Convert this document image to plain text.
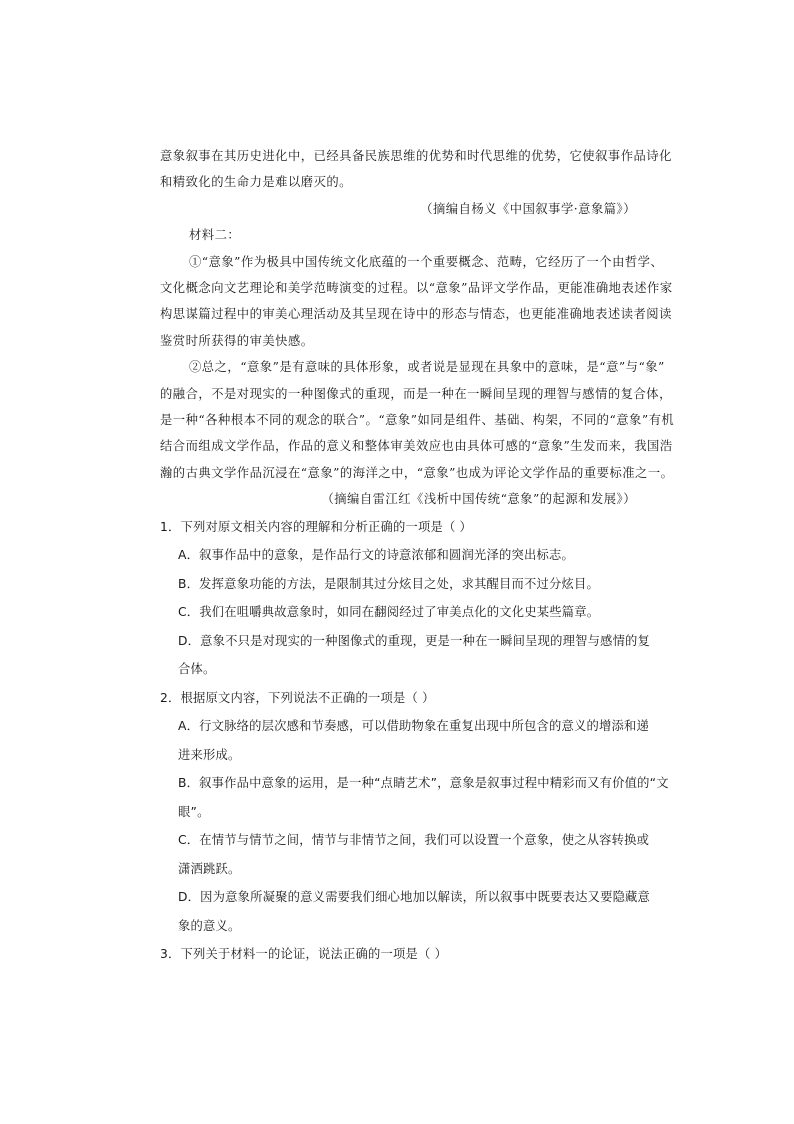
意象叙事在其历史进化中，已经具备民族思维的优势和时代思维的优势，它使叙事作品诗化
和精致化的生命力是难以磨灭的。
（摘编自杨义《中国叙事学·意象篇》）
材料二：
①“意象”作为极具中国传统文化底蕴的一个重要概念、范畴，它经历了一个由哲学、
文化概念向文艺理论和美学范畴演变的过程。以“意象”品评文学作品，更能准确地表述作家
构思谋篇过程中的审美心理活动及其呈现在诗中的形态与情态，也更能准确地表述读者阅读
鉴赏时所获得的审美快感。
②总之，“意象”是有意味的具体形象，或者说是显现在具象中的意味，是“意”与“象”
的融合，不是对现实的一种图像式的重现，而是一种在一瞬间呈现的理智与感情的复合体，
是一种“各种根本不同的观念的联合”。“意象”如同是组件、基础、构架，不同的“意象”有机
结合而组成文学作品，作品的意义和整体审美效应也由具体可感的“意象”生发而来，我国浩
瀚的古典文学作品沉浸在“意象”的海洋之中，“意象”也成为评论文学作品的重要标准之一。
（摘编自雷江红《浅析中国传统“意象”的起源和发展》）
1．下列对原文相关内容的理解和分析正确的一项是（ ）
A．叙事作品中的意象，是作品行文的诗意浓郁和圆润光泽的突出标志。
B．发挥意象功能的方法，是限制其过分炫目之处，求其醒目而不过分炫目。
C．我们在咀嚼典故意象时，如同在翻阅经过了审美点化的文化史某些篇章。
D．意象不只是对现实的一种图像式的重现，更是一种在一瞬间呈现的理智与感情的复
合体。
2．根据原文内容，下列说法不正确的一项是（ ）
A．行文脉络的层次感和节奏感，可以借助物象在重复出现中所包含的意义的增添和递
进来形成。
B．叙事作品中意象的运用，是一种“点睛艺术”，意象是叙事过程中精彩而又有价值的“文
眼”。
C．在情节与情节之间，情节与非情节之间，我们可以设置一个意象，使之从容转换或
潇洒跳跃。
D．因为意象所凝聚的意义需要我们细心地加以解读，所以叙事中既要表达又要隐藏意
象的意义。
3．下列关于材料一的论证，说法正确的一项是（ ）
